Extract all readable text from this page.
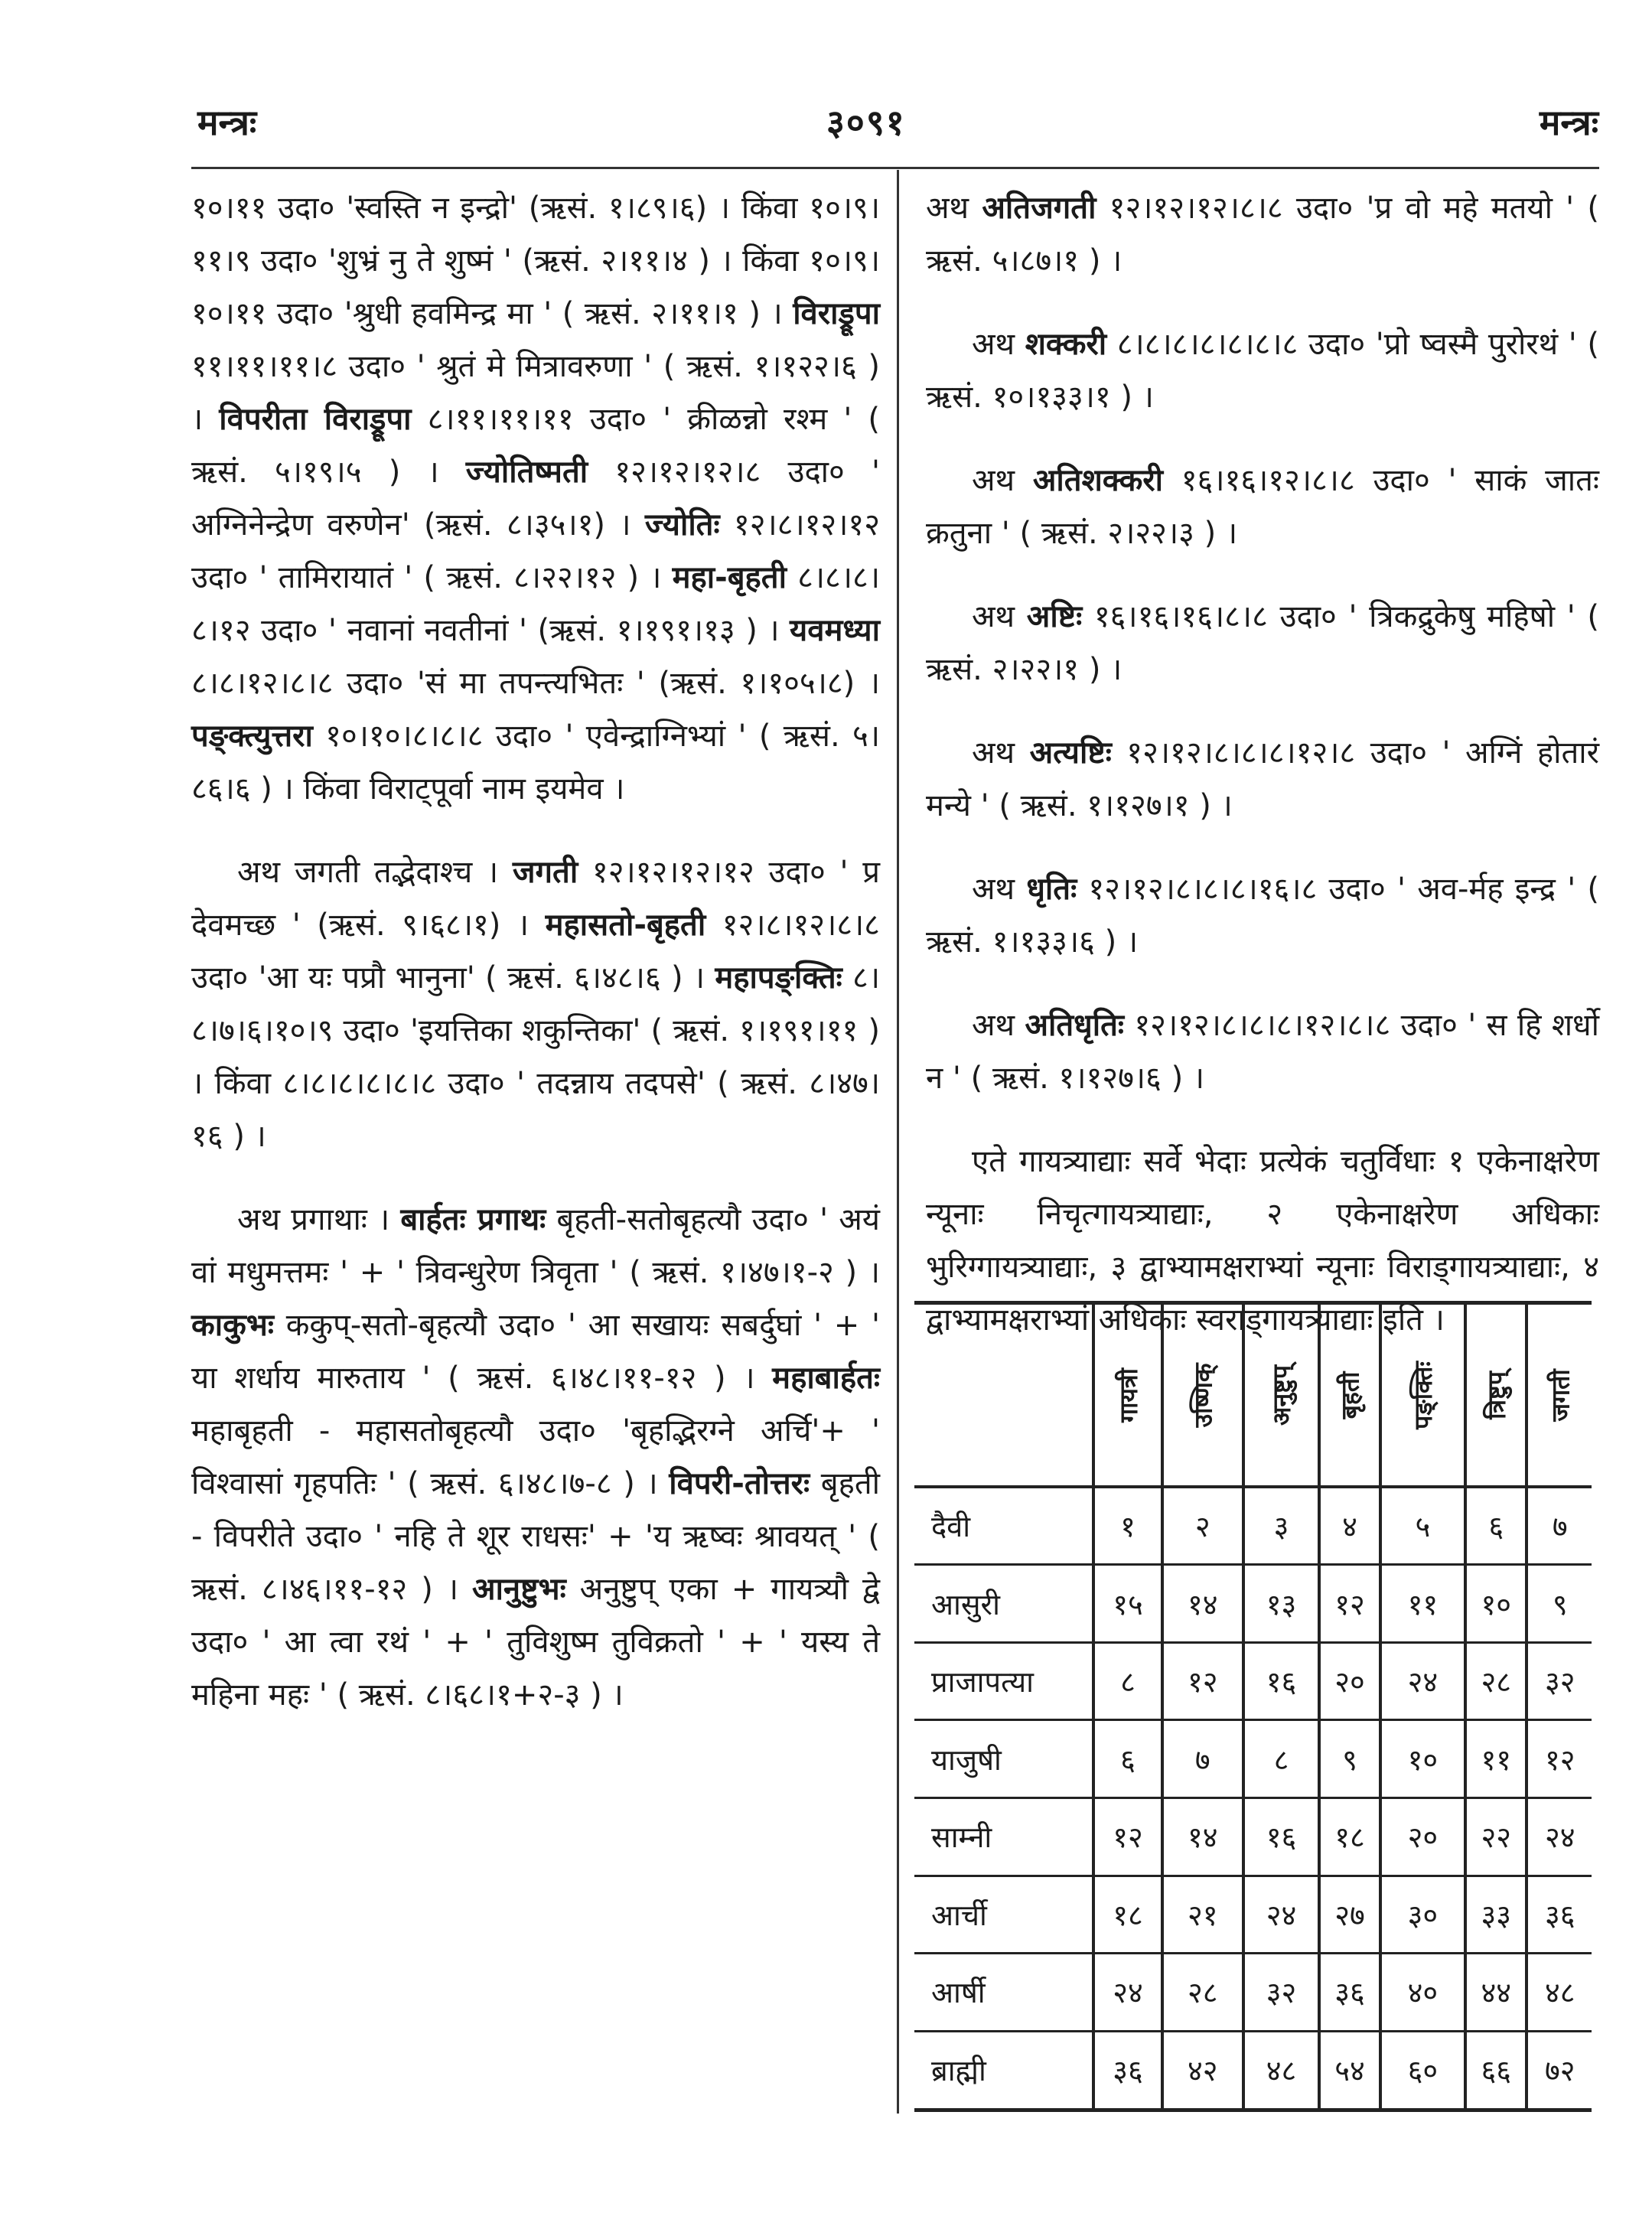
मन्त्रः	३०९१	मन्त्रः
१०।११ उदा० 'स्वस्ति न इन्द्रो' (ऋसं. १।८९।६) । किंवा १०।९।११।९ उदा० 'शुभ्रं नु ते शुष्मं ' (ऋसं. २।११।४ ) । किंवा १०।९।१०।११ उदा० 'श्रुधी हवमिन्द्र मा ' ( ऋसं. २।११।१ ) । विराड्रूपा ११।११।११।८ उदा० ' श्रुतं मे मित्रावरुणा ' ( ऋसं. १।१२२।६ ) । विपरीता विराड्रूपा ८।११।११।११ उदा० ' क्रीळन्नो रश्म ' ( ऋसं. ५।१९।५ ) । ज्योतिष्मती १२।१२।१२।८ उदा० ' अग्निनेन्द्रेण वरुणेन' (ऋसं. ८।३५।१) । ज्योतिः १२।८।१२।१२ उदा० ' तामिरायातं ' ( ऋसं. ८।२२।१२ ) । महा-बृहती ८।८।८।८।१२ उदा० ' नवानां नवतीनां ' (ऋसं. १।१९१।१३ ) । यवमध्या ८।८।१२।८।८ उदा० 'सं मा तपन्त्यभितः ' (ऋसं. १।१०५।८) । पङ्क्त्युत्तरा १०।१०।८।८।८ उदा० ' एवेन्द्राग्निभ्यां ' ( ऋसं. ५।८६।६ ) । किंवा विराट्पूर्वा नाम इयमेव ।
अथ जगती तद्भेदाश्च । जगती १२।१२।१२।१२ उदा० ' प्र देवमच्छ ' (ऋसं. ९।६८।१) । महासतो-बृहती १२।८।१२।८।८ उदा० 'आ यः पप्रौ भानुना' ( ऋसं. ६।४८।६ ) । महापङ्क्तिः ८।८।७।६।१०।९ उदा० 'इयत्तिका शकुन्तिका' ( ऋसं. १।१९१।११ ) । किंवा ८।८।८।८।८।८ उदा० ' तदन्नाय तदपसे' ( ऋसं. ८।४७।१६ ) ।
अथ प्रगाथाः । बार्हतः प्रगाथः बृहती-सतोबृहत्यौ उदा० ' अयं वां मधुमत्तमः ' + ' त्रिवन्धुरेण त्रिवृता ' ( ऋसं. १।४७।१-२ ) । काकुभः ककुप्-सतो-बृहत्यौ उदा० ' आ सखायः सबर्दुघां ' + ' या शर्धाय मारुताय ' ( ऋसं. ६।४८।११-१२ ) । महाबार्हतः महाबृहती - महासतोबृहत्यौ उदा० 'बृहद्भिरग्ने अर्चि'+ ' विश्वासां गृहपतिः ' ( ऋसं. ६।४८।७-८ ) । विपरी-तोत्तरः बृहती - विपरीते उदा० ' नहि ते शूर राधसः' + 'य ऋष्वः श्रावयत् ' ( ऋसं. ८।४६।११-१२ ) । आनुष्टुभः अनुष्टुप् एका + गायत्र्यौ द्वे उदा० ' आ त्वा रथं ' + ' तुविशुष्म तुविक्रतो ' + ' यस्य ते महिना महः ' ( ऋसं. ८।६८।१+२-३ ) ।
अथ अतिजगती १२।१२।१२।८।८ उदा० 'प्र वो महे मतयो ' ( ऋसं. ५।८७।१ ) ।
अथ शक्करी ८।८।८।८।८।८।८ उदा० 'प्रो ष्वस्मै पुरोरथं ' ( ऋसं. १०।१३३।१ ) ।
अथ अतिशक्करी १६।१६।१२।८।८ उदा० ' साकं जातः क्रतुना ' ( ऋसं. २।२२।३ ) ।
अथ अष्टिः १६।१६।१६।८।८ उदा० ' त्रिकद्रुकेषु महिषो ' ( ऋसं. २।२२।१ ) ।
अथ अत्यष्टिः १२।१२।८।८।८।१२।८ उदा० ' अग्निं होतारं मन्ये ' ( ऋसं. १।१२७।१ ) ।
अथ धृतिः १२।१२।८।८।८।१६।८ उदा० ' अव-र्मह इन्द्र ' ( ऋसं. १।१३३।६ ) ।
अथ अतिधृतिः १२।१२।८।८।८।१२।८।८ उदा० ' स हि शर्धो न ' ( ऋसं. १।१२७।६ ) ।
एते गायत्र्याद्याः सर्वे भेदाः प्रत्येकं चतुर्विधाः १ एकेनाक्षरेण न्यूनाः निचृत्गायत्र्याद्याः, २ एकेनाक्षरेण अधिकाः भुरिग्गायत्र्याद्याः, ३ द्वाभ्यामक्षराभ्यां न्यूनाः विराड्गायत्र्याद्याः, ४ द्वाभ्यामक्षराभ्यां अधिकाः स्वराड्गायत्र्याद्याः इति ।
	गायत्री	उष्णिक्	अनुष्टुप्	बृहती	पङ्क्तिः	त्रिष्टुप्	जगती
दैवी	१	२	३	४	५	६	७
आसुरी	१५	१४	१३	१२	११	१०	९
प्राजापत्या	८	१२	१६	२०	२४	२८	३२
याजुषी	६	७	८	९	१०	११	१२
साम्नी	१२	१४	१६	१८	२०	२२	२४
आर्ची	१८	२१	२४	२७	३०	३३	३६
आर्षी	२४	२८	३२	३६	४०	४४	४८
ब्राह्मी	३६	४२	४८	५४	६०	६६	७२
